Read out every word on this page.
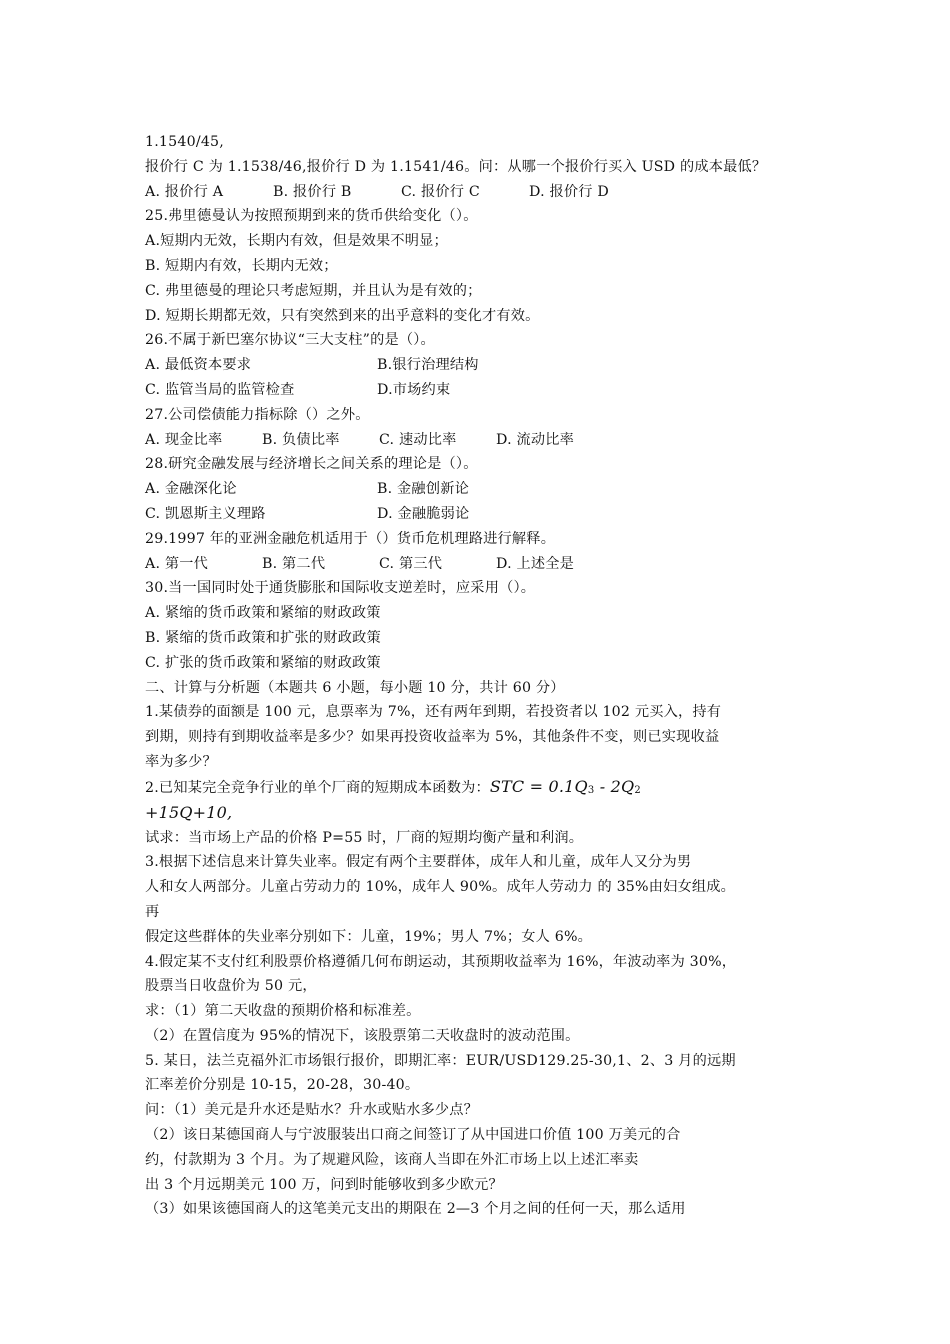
1.1540/45,
报价行 C 为 1.1538/46,报价行 D 为 1.1541/46。问：从哪一个报价行买入 USD 的成本最低？
A. 报价行 A	B. 报价行 B	C. 报价行 C	D. 报价行 D
25.弗里德曼认为按照预期到来的货币供给变化（）。
A.短期内无效，长期内有效，但是效果不明显；
B. 短期内有效，长期内无效；
C. 弗里德曼的理论只考虑短期，并且认为是有效的；
D. 短期长期都无效，只有突然到来的出乎意料的变化才有效。
26.不属于新巴塞尔协议“三大支柱”的是（）。
A. 最低资本要求	B.银行治理结构
C. 监管当局的监管检查	D.市场约束
27.公司偿债能力指标除（）之外。
A. 现金比率	B. 负债比率	C. 速动比率	D. 流动比率
28.研究金融发展与经济增长之间关系的理论是（）。
A. 金融深化论	B. 金融创新论
C. 凯恩斯主义理路	D. 金融脆弱论
29.1997 年的亚洲金融危机适用于（）货币危机理路进行解释。
A. 第一代	B. 第二代	C. 第三代	D. 上述全是
30.当一国同时处于通货膨胀和国际收支逆差时，应采用（）。
A. 紧缩的货币政策和紧缩的财政政策
B. 紧缩的货币政策和扩张的财政政策
C. 扩张的货币政策和紧缩的财政政策
二、计算与分析题（本题共 6 小题，每小题 10 分，共计 60 分）
1.某债券的面额是 100 元，息票率为 7%，还有两年到期，若投资者以 102 元买入，持有
到期，则持有到期收益率是多少？如果再投资收益率为 5%，其他条件不变，则已实现收益
率为多少？
2.已知某完全竞争行业的单个厂商的短期成本函数为：STC = 0.1Q3 - 2Q2
+15Q+10,
试求：当市场上产品的价格 P=55 时，厂商的短期均衡产量和利润。
3.根据下述信息来计算失业率。假定有两个主要群体，成年人和儿童，成年人又分为男
人和女人两部分。儿童占劳动力的 10%，成年人 90%。成年人劳动力 的 35%由妇女组成。
再
假定这些群体的失业率分别如下：儿童，19%；男人 7%；女人 6%。
4.假定某不支付红利股票价格遵循几何布朗运动，其预期收益率为 16%，年波动率为 30%，
股票当日收盘价为 50 元，
求：（1）第二天收盘的预期价格和标准差。
（2）在置信度为 95%的情况下，该股票第二天收盘时的波动范围。
5. 某日，法兰克福外汇市场银行报价，即期汇率：EUR/USD129.25-30,1、2、3 月的远期
汇率差价分别是 10-15，20-28，30-40。
问：（1）美元是升水还是贴水？升水或贴水多少点？
（2）该日某德国商人与宁波服装出口商之间签订了从中国进口价值 100 万美元的合
约，付款期为 3 个月。为了规避风险，该商人当即在外汇市场上以上述汇率卖
出 3 个月远期美元 100 万，问到时能够收到多少欧元？
（3）如果该德国商人的这笔美元支出的期限在 2—3 个月之间的任何一天，那么适用
